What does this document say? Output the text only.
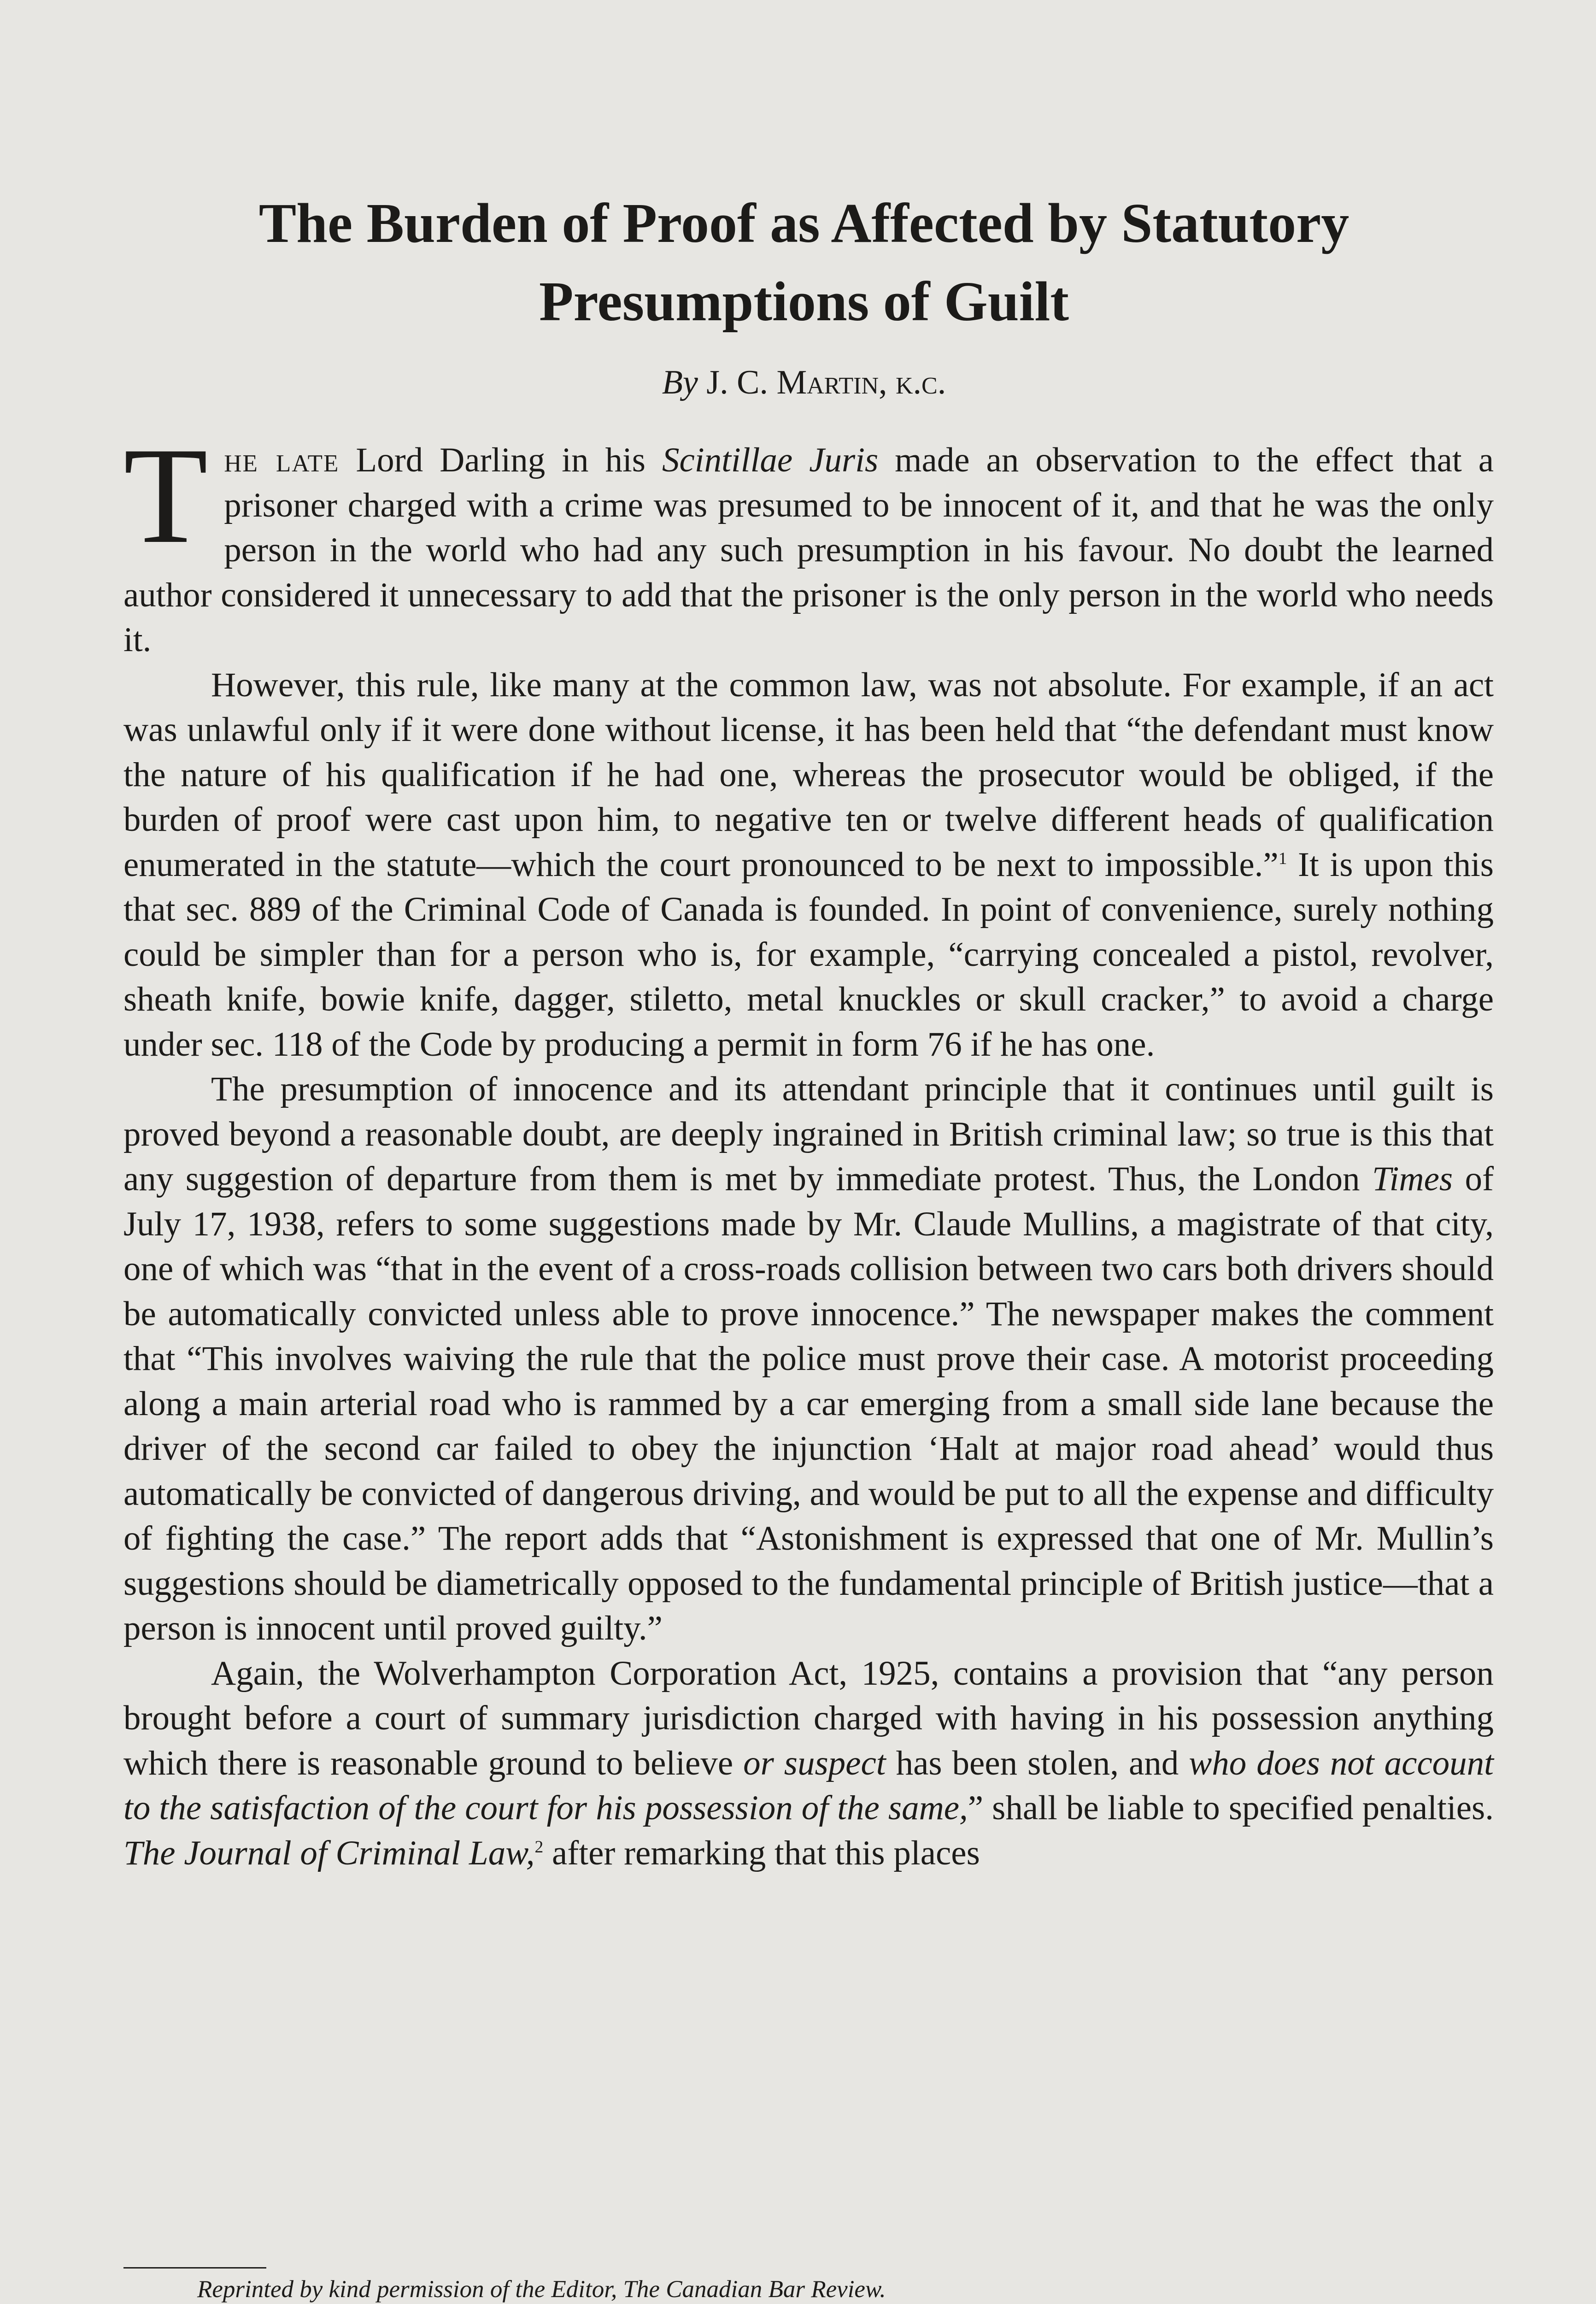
The Burden of Proof as Affected by Statutory Presumptions of Guilt
By J. C. Martin, k.c.

The late Lord Darling in his Scintillae Juris made an observation to the effect that a prisoner charged with a crime was presumed to be innocent of it, and that he was the only person in the world who had any such presumption in his favour. No doubt the learned author considered it unnecessary to add that the prisoner is the only person in the world who needs it.

However, this rule, like many at the common law, was not absolute. For example, if an act was unlawful only if it were done without license, it has been held that “the defendant must know the nature of his qualification if he had one, whereas the prosecutor would be obliged, if the burden of proof were cast upon him, to negative ten or twelve different heads of qualification enumerated in the statute—which the court pronounced to be next to impossible.”$^1$ It is upon this that sec. 889 of the Criminal Code of Canada is founded. In point of convenience, surely nothing could be simpler than for a person who is, for example, “carrying concealed a pistol, revolver, sheath knife, bowie knife, dagger, stiletto, metal knuckles or skull cracker,” to avoid a charge under sec. 118 of the Code by producing a permit in form 76 if he has one.

The presumption of innocence and its attendant principle that it continues until guilt is proved beyond a reasonable doubt, are deeply ingrained in British criminal law; so true is this that any suggestion of departure from them is met by immediate protest. Thus, the London Times of July 17, 1938, refers to some suggestions made by Mr. Claude Mullins, a magistrate of that city, one of which was “that in the event of a cross-roads collision between two cars both drivers should be automatically convicted unless able to prove innocence.” The newspaper makes the comment that “This involves waiving the rule that the police must prove their case. A motorist proceeding along a main arterial road who is rammed by a car emerging from a small side lane because the driver of the second car failed to obey the injunction ‘Halt at major road ahead’ would thus automatically be convicted of dangerous driving, and would be put to all the expense and difficulty of fighting the case.” The report adds that “Astonishment is expressed that one of Mr. Mullin’s suggestions should be diametrically opposed to the fundamental principle of British justice—that a person is innocent until proved guilty.”

Again, the Wolverhampton Corporation Act, 1925, contains a provision that “any person brought before a court of summary jurisdiction charged with having in his possession anything which there is reasonable ground to believe or suspect has been stolen, and who does not account to the satisfaction of the court for his possession of the same,” shall be liable to specified penalties. The Journal of Criminal Law,$^2$ after remarking that this places

Reprinted by kind permission of the Editor, The Canadian Bar Review.
